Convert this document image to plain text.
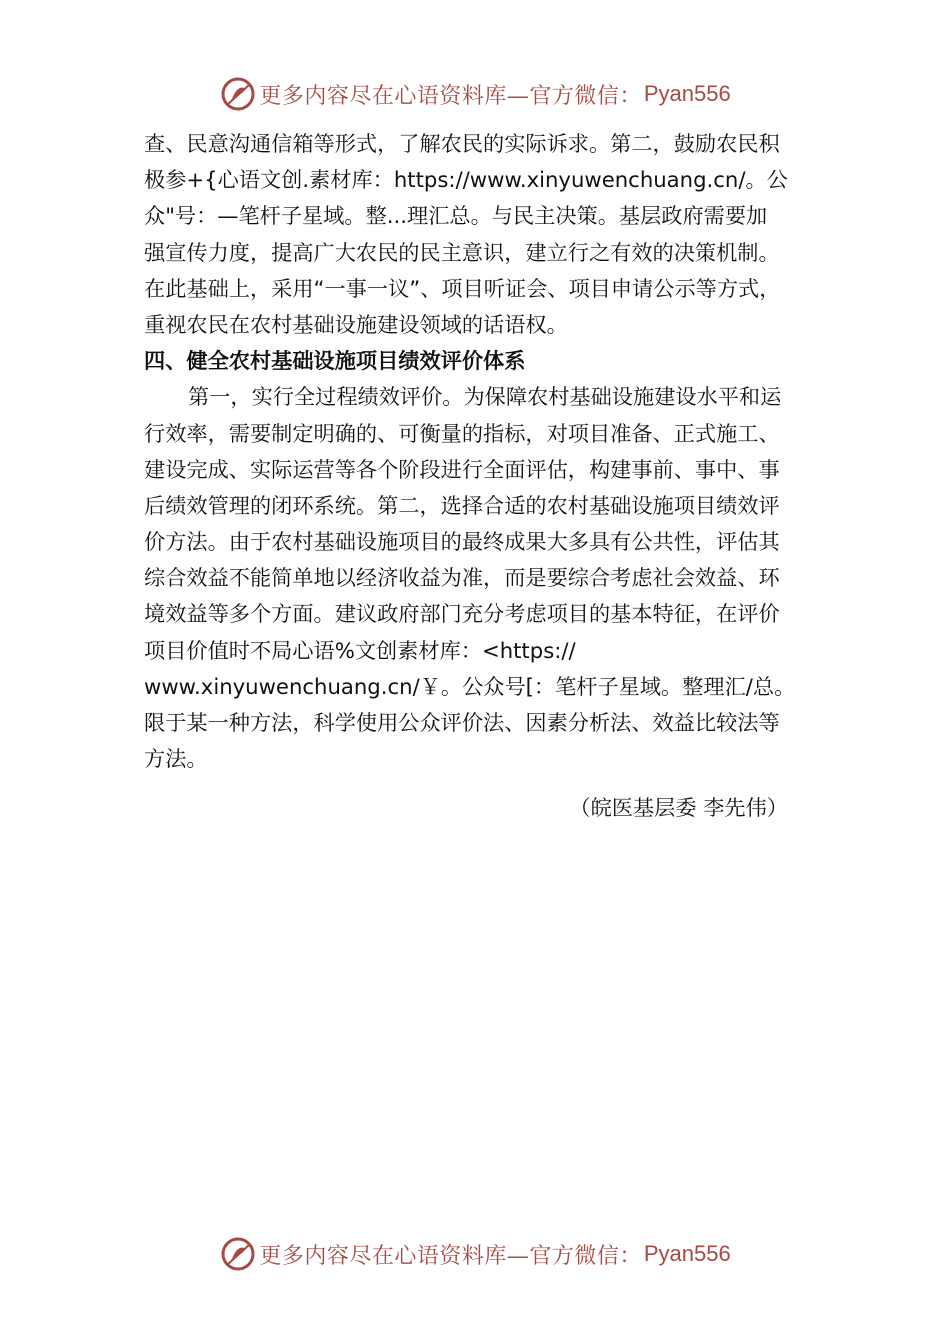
更多内容尽在心语资料库—官方微信： Pyan556
查、民意沟通信箱等形式，了解农民的实际诉求。第二，鼓励农民积
极参+{心语文创.素材库：https://www.xinyuwenchuang.cn/。公
众"号：—笔杆子星域。整...理汇总。与民主决策。基层政府需要加
强宣传力度，提高广大农民的民主意识，建立行之有效的决策机制。
在此基础上，采用“一事一议”、项目听证会、项目申请公示等方式，
重视农民在农村基础设施建设领域的话语权。
四、健全农村基础设施项目绩效评价体系
第一，实行全过程绩效评价。为保障农村基础设施建设水平和运
行效率，需要制定明确的、可衡量的指标，对项目准备、正式施工、
建设完成、实际运营等各个阶段进行全面评估，构建事前、事中、事
后绩效管理的闭环系统。第二，选择合适的农村基础设施项目绩效评
价方法。由于农村基础设施项目的最终成果大多具有公共性，评估其
综合效益不能简单地以经济收益为准，而是要综合考虑社会效益、环
境效益等多个方面。建议政府部门充分考虑项目的基本特征，在评价
项目价值时不局心语%文创素材库：<https://
www.xinyuwenchuang.cn/￥。公众号[：笔杆子星域。整理汇/总。
限于某一种方法，科学使用公众评价法、因素分析法、效益比较法等
方法。
（皖医基层委 李先伟）
更多内容尽在心语资料库—官方微信： Pyan556
